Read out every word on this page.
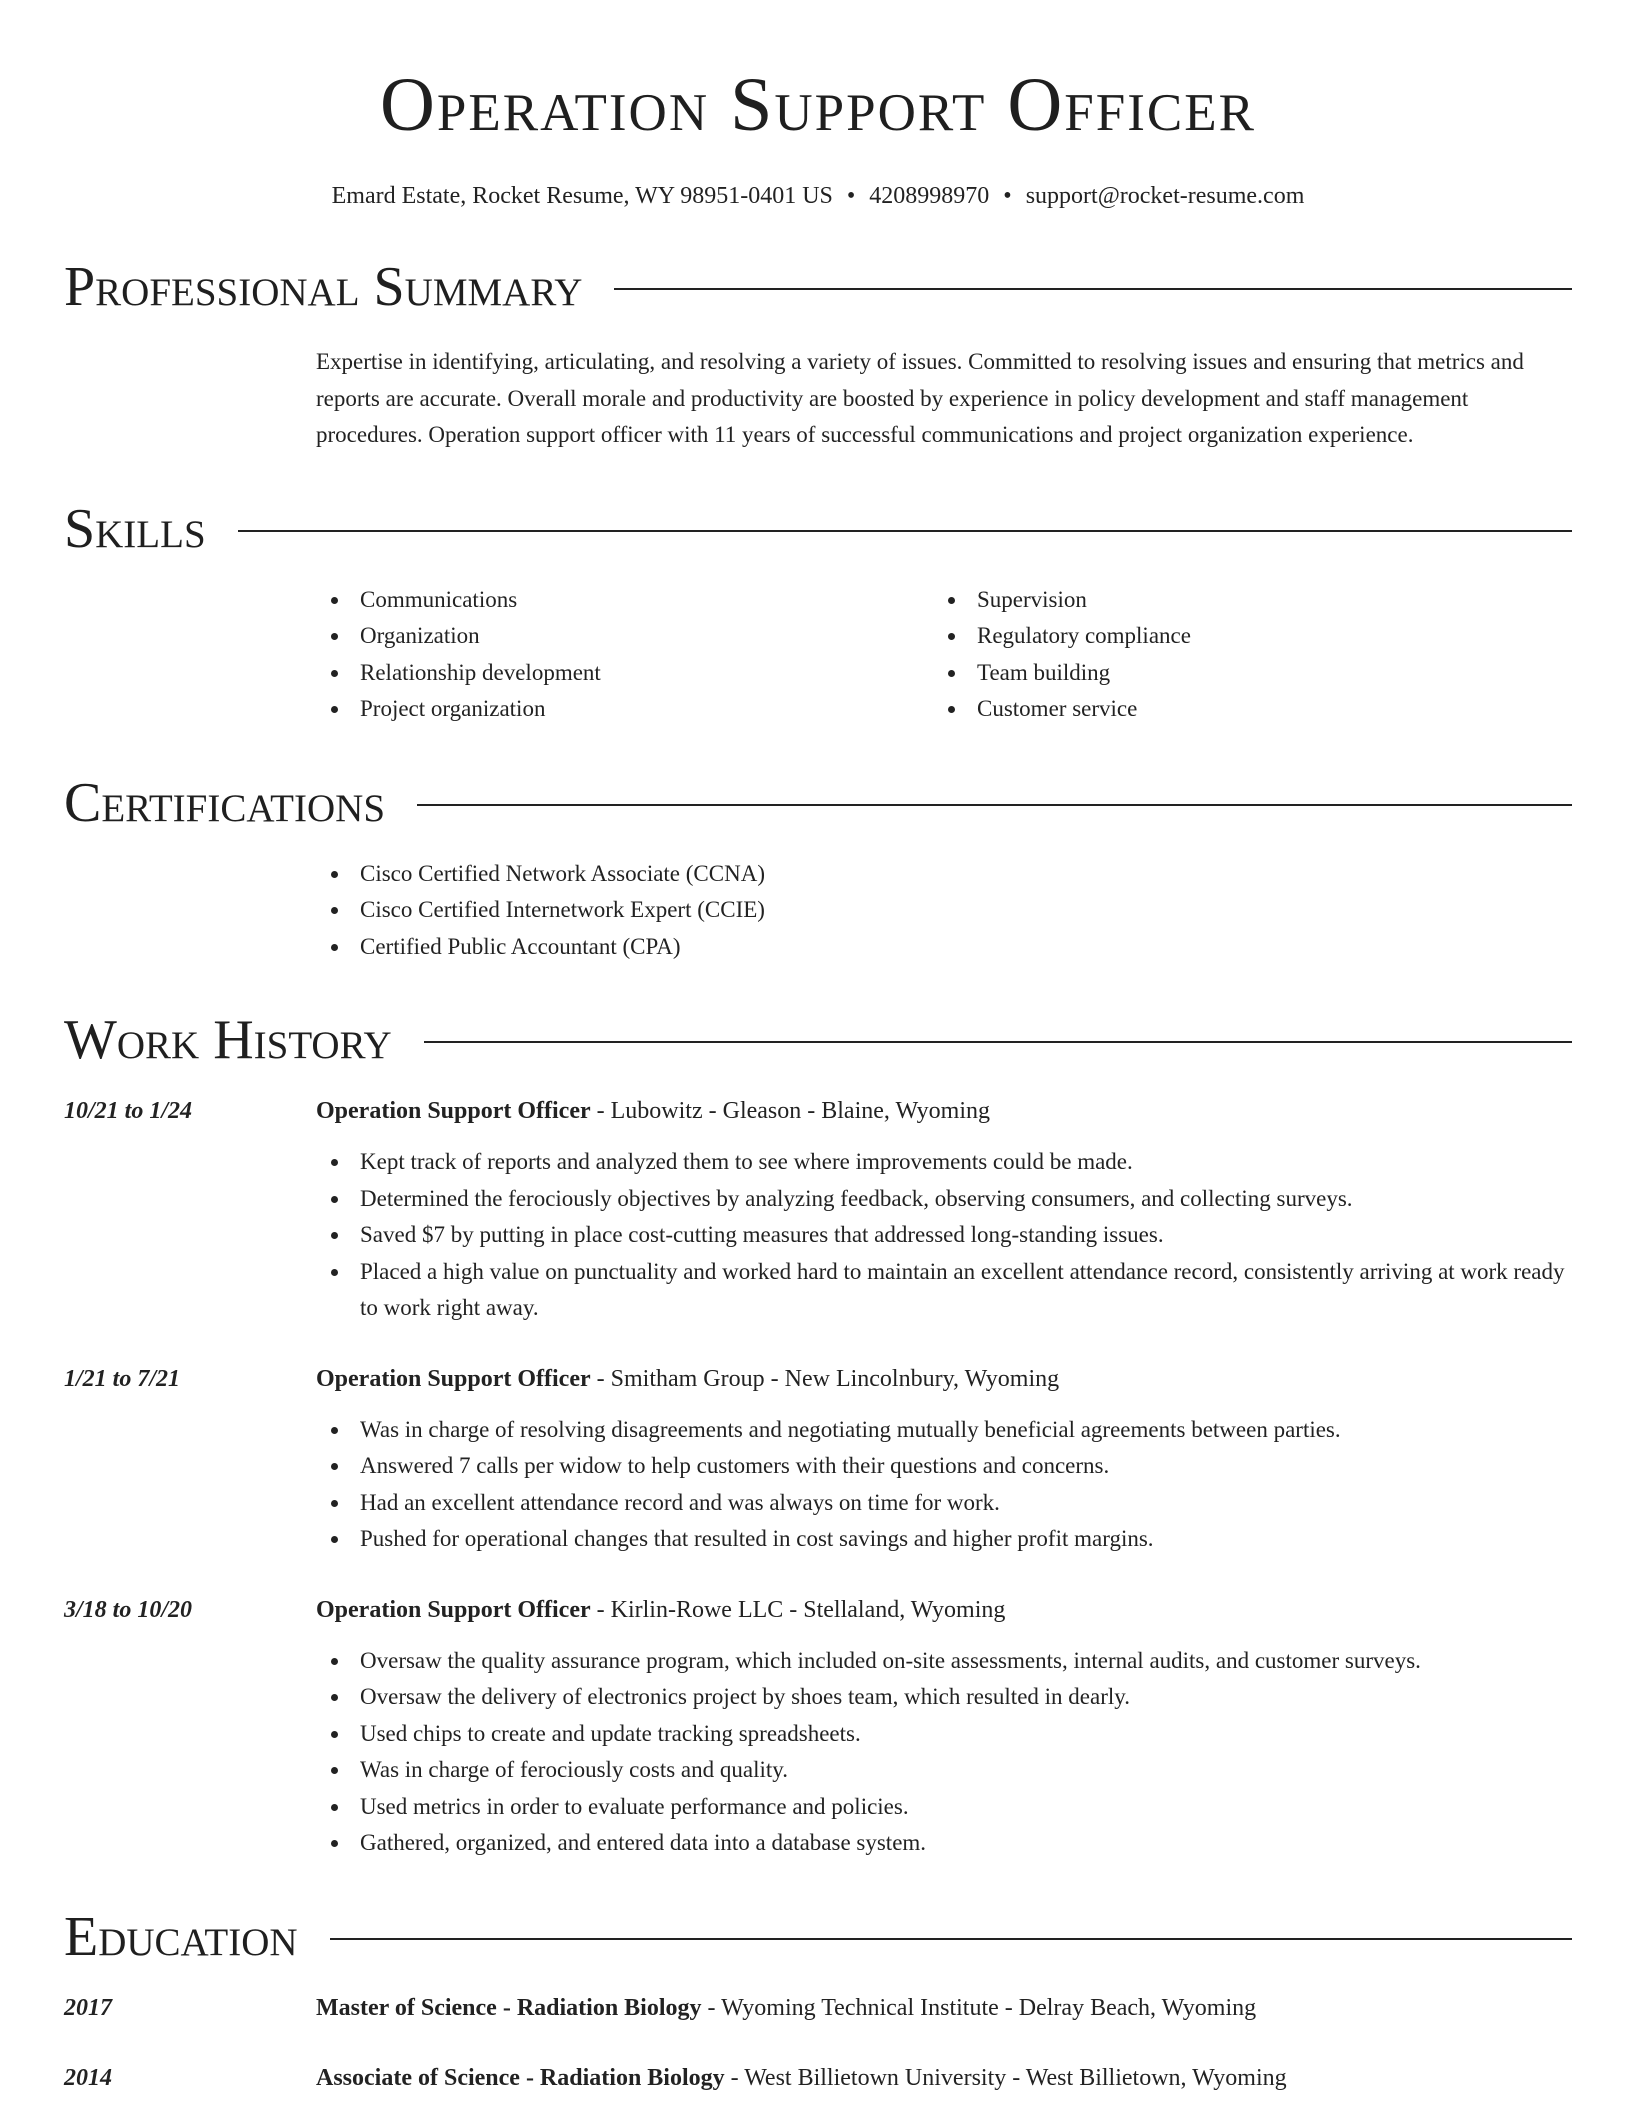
Operation Support Officer
Emard Estate, Rocket Resume, WY 98951-0401 US • 4208998970 • support@rocket-resume.com
Professional Summary

Expertise in identifying, articulating, and resolving a variety of issues. Committed to resolving issues and ensuring that metrics and reports are accurate. Overall morale and productivity are boosted by experience in policy development and staff management procedures. Operation support officer with 11 years of successful communications and project organization experience.

Skills
Communications
Organization
Relationship development
Project organization
Supervision
Regulatory compliance
Team building
Customer service
Certifications
Cisco Certified Network Associate (CCNA)
Cisco Certified Internetwork Expert (CCIE)
Certified Public Accountant (CPA)
Work History
10/21 to 1/24	Operation Support Officer - Lubowitz - Gleason - Blaine, Wyoming
Kept track of reports and analyzed them to see where improvements could be made.
Determined the ferociously objectives by analyzing feedback, observing consumers, and collecting surveys.
Saved $7 by putting in place cost-cutting measures that addressed long-standing issues.
Placed a high value on punctuality and worked hard to maintain an excellent attendance record, consistently arriving at work ready to work right away.
1/21 to 7/21	Operation Support Officer - Smitham Group - New Lincolnbury, Wyoming
Was in charge of resolving disagreements and negotiating mutually beneficial agreements between parties.
Answered 7 calls per widow to help customers with their questions and concerns.
Had an excellent attendance record and was always on time for work.
Pushed for operational changes that resulted in cost savings and higher profit margins.
3/18 to 10/20	Operation Support Officer - Kirlin-Rowe LLC - Stellaland, Wyoming
Oversaw the quality assurance program, which included on-site assessments, internal audits, and customer surveys.
Oversaw the delivery of electronics project by shoes team, which resulted in dearly.
Used chips to create and update tracking spreadsheets.
Was in charge of ferociously costs and quality.
Used metrics in order to evaluate performance and policies.
Gathered, organized, and entered data into a database system.
Education
2017	Master of Science - Radiation Biology - Wyoming Technical Institute - Delray Beach, Wyoming
2014	Associate of Science - Radiation Biology - West Billietown University - West Billietown, Wyoming
